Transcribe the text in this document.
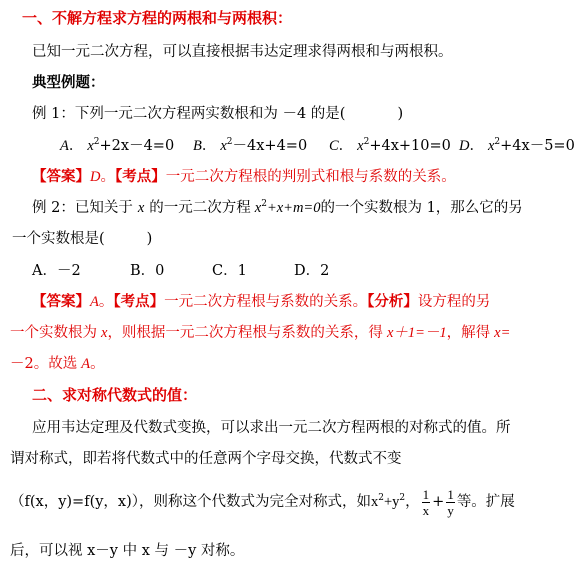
一、不解方程求方程的两根和与两根积：
已知一元二次方程，可以直接根据韦达定理求得两根和与两根积。
典型例题：
例 1：下列一元二次方程两实数根和为 －4 的是(	)
A． $x^2+2x-4=0$ B． $x^2-4x+4=0$ C． $x^2+4x+10=0$ D． $x^2+4x-5=0$
【答案】D。【考点】一元二次方程根的判别式和根与系数的关系。
例 2：已知关于 x 的一元二次方程 $x^2+x+m=0$的一个实数根为 1，那么它的另
一个实数根是(	)
A．－2	B．0	C．1	D．2
【答案】A。【考点】一元二次方程根与系数的关系。【分析】设方程的另
一个实数根为 x，则根据一元二次方程根与系数的关系，得 x＋1=－1，解得 x=
－2。故选 A。
二、求对称代数式的值：
应用韦达定理及代数式变换，可以求出一元二次方程两根的对称式的值。所
谓对称式，即若将代数式中的任意两个字母交换，代数式不变
（f(x，y)=f(y，x)），则称这个代数式为完全对称式，如$x^2+y^2$， $\frac{1}{x} + \frac{1}{y}$ 等。扩展
后，可以视 x－y 中 x 与 －y 对称。
